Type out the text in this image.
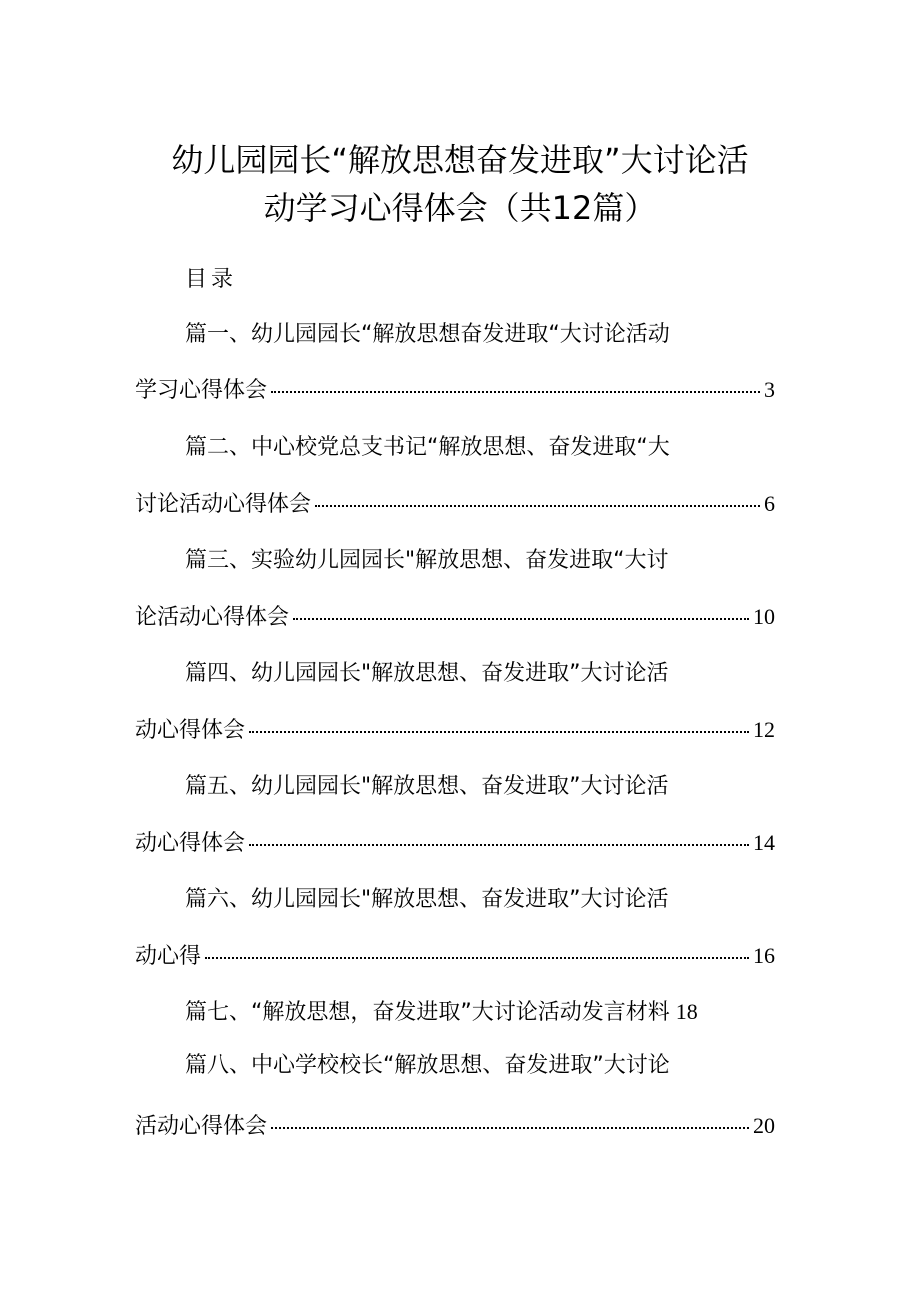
幼儿园园长“解放思想奋发进取”大讨论活
动学习心得体会（共12篇）
目录
篇一、幼儿园园长“解放思想奋发进取“大讨论活动
学习心得体会	3
篇二、中心校党总支书记“解放思想、奋发进取“大
讨论活动心得体会	6
篇三、实验幼儿园园长"解放思想、奋发进取“大讨
论活动心得体会	10
篇四、幼儿园园长"解放思想、奋发进取”大讨论活
动心得体会	12
篇五、幼儿园园长"解放思想、奋发进取”大讨论活
动心得体会	14
篇六、幼儿园园长"解放思想、奋发进取”大讨论活
动心得	16
篇七、“解放思想，奋发进取”大讨论活动发言材料 18
篇八、中心学校校长“解放思想、奋发进取”大讨论
活动心得体会	20
